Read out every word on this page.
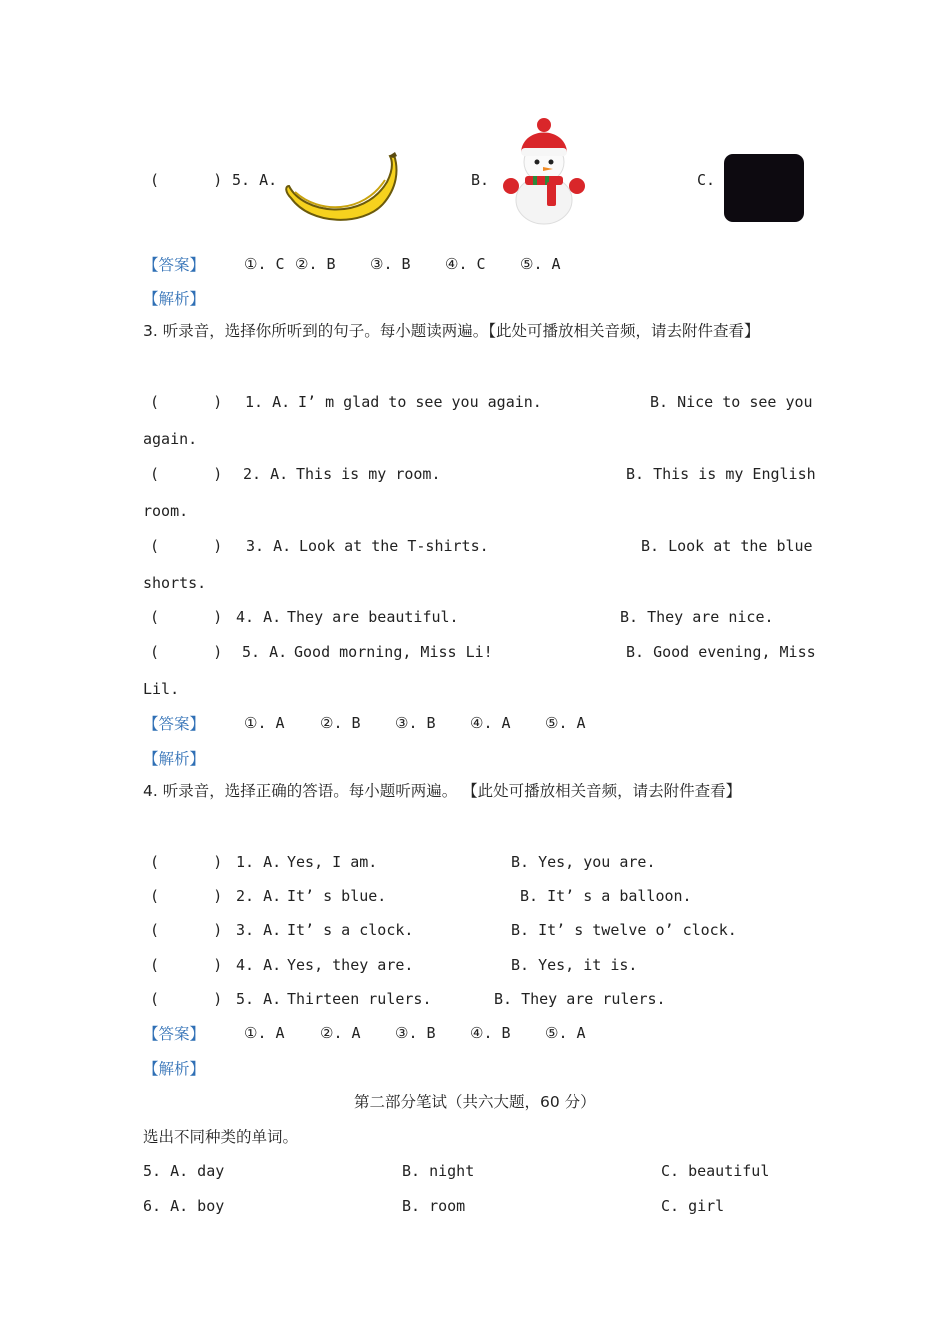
(      ) 5. A.	B.	C.
【答案】	①. C ②. B ③. B ④. C ⑤. A
【解析】
3. 听录音，选择你所听到的句子。每小题读两遍。【此处可播放相关音频，请去附件查看】
(      ) 1. A. I’ m glad to see you again.	B. Nice to see you
again.
(      ) 2. A. This is my room.	B. This is my English
room.
(      ) 3. A. Look at the T-shirts.	B. Look at the blue
shorts.
(      ) 4. A. They are beautiful.	B. They are nice.
(      ) 5. A. Good morning, Miss Li!	B. Good evening, Miss
Lil.
【答案】	①. A ②. B ③. B ④. A ⑤. A
【解析】
4. 听录音，选择正确的答语。每小题听两遍。 【此处可播放相关音频，请去附件查看】
(      ) 1. A. Yes, I am.	B. Yes, you are.
(      ) 2. A. It’ s blue.	B. It’ s a balloon.
(      ) 3. A. It’ s a clock.	B. It’ s twelve o’ clock.
(      ) 4. A. Yes, they are.	B. Yes, it is.
(      ) 5. A. Thirteen rulers.	B. They are rulers.
【答案】	①. A ②. A ③. B ④. B ⑤. A
【解析】
第二部分笔试（共六大题，60 分）
选出不同种类的单词。
5. A. day	B. night	C. beautiful
6. A. boy	B. room	C. girl
